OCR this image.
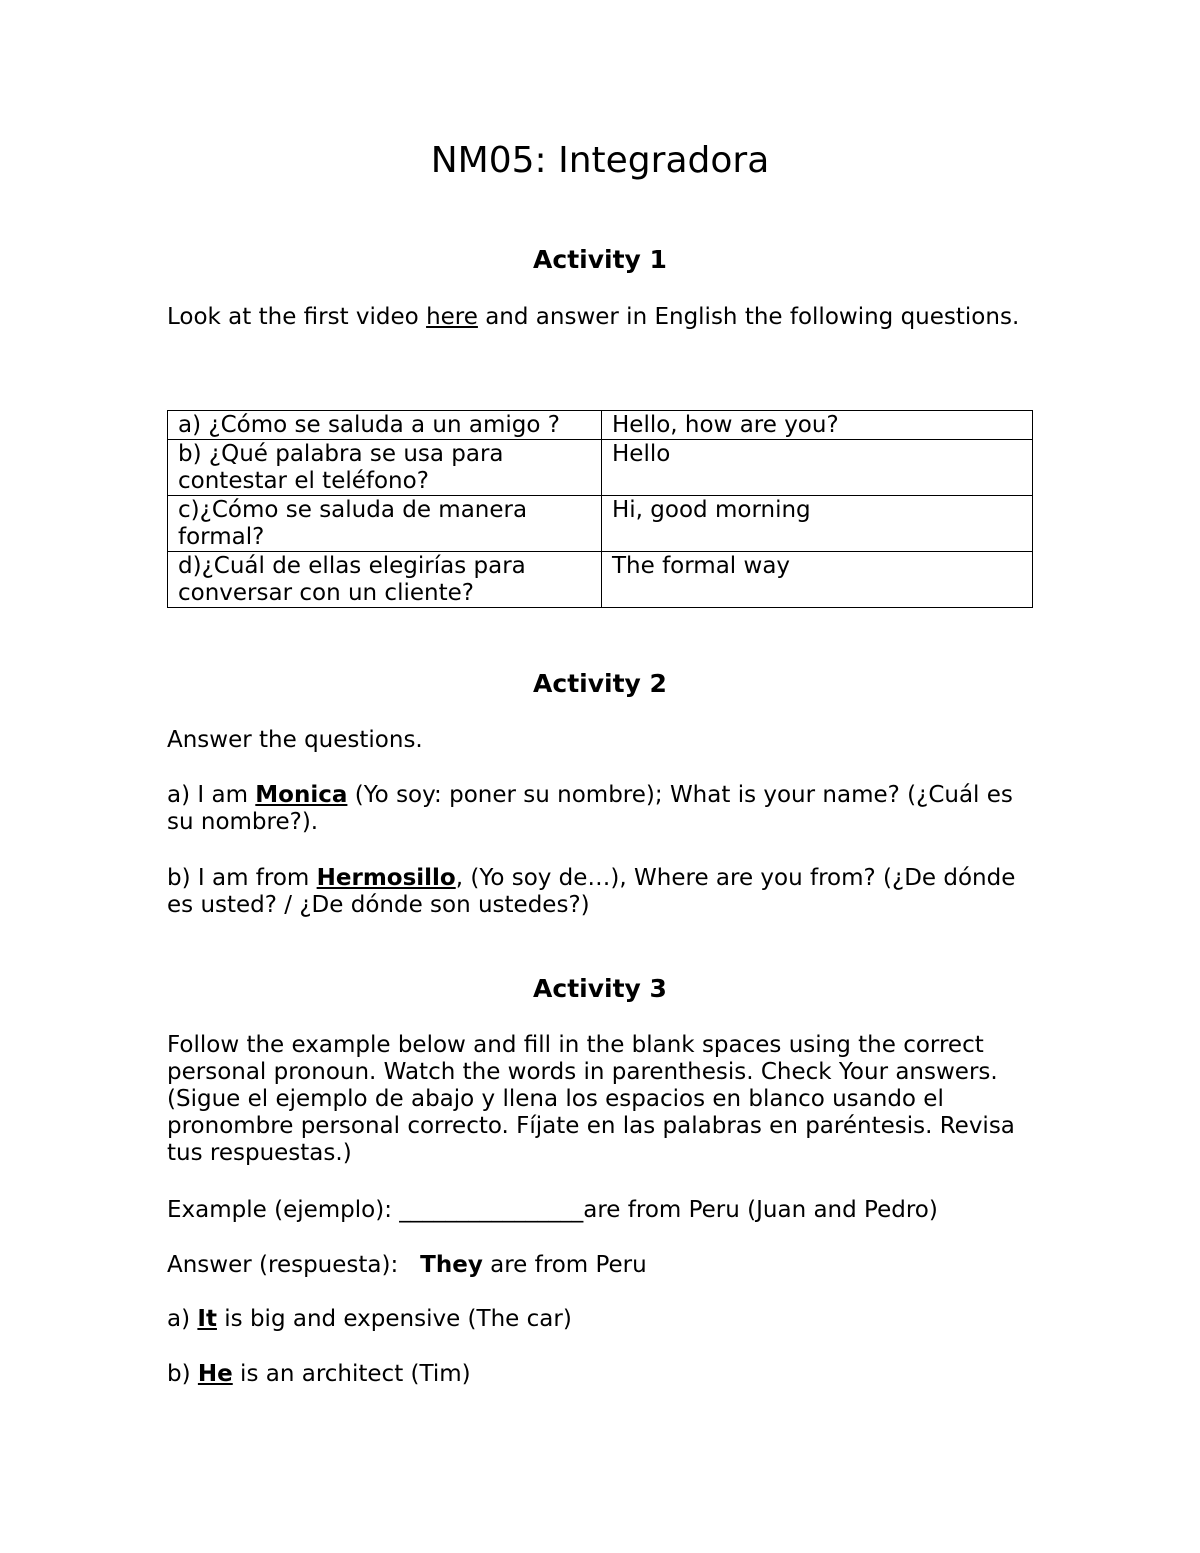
NM05: Integradora
Activity 1

Look at the first video here and answer in English the following questions.

a) ¿Cómo se saluda a un amigo ?	Hello, how are you?
b) ¿Qué palabra se usa para contestar el teléfono?	Hello
c)¿Cómo se saluda de manera formal?	Hi, good morning
d)¿Cuál de ellas elegirías para conversar con un cliente?	The formal way
Activity 2

Answer the questions.

a) I am Monica (Yo soy: poner su nombre); What is your name? (¿Cuál es su nombre?).

b) I am from Hermosillo, (Yo soy de…), Where are you from? (¿De dónde es usted? / ¿De dónde son ustedes?)

Activity 3

Follow the example below and fill in the blank spaces using the correct personal pronoun. Watch the words in parenthesis. Check Your answers. (Sigue el ejemplo de abajo y llena los espacios en blanco usando el pronombre personal correcto. Fíjate en las palabras en paréntesis. Revisa tus respuestas.)

Example (ejemplo): ________________are from Peru (Juan and Pedro)

Answer (respuesta):   They are from Peru

a) It is big and expensive (The car)

b) He is an architect (Tim)
